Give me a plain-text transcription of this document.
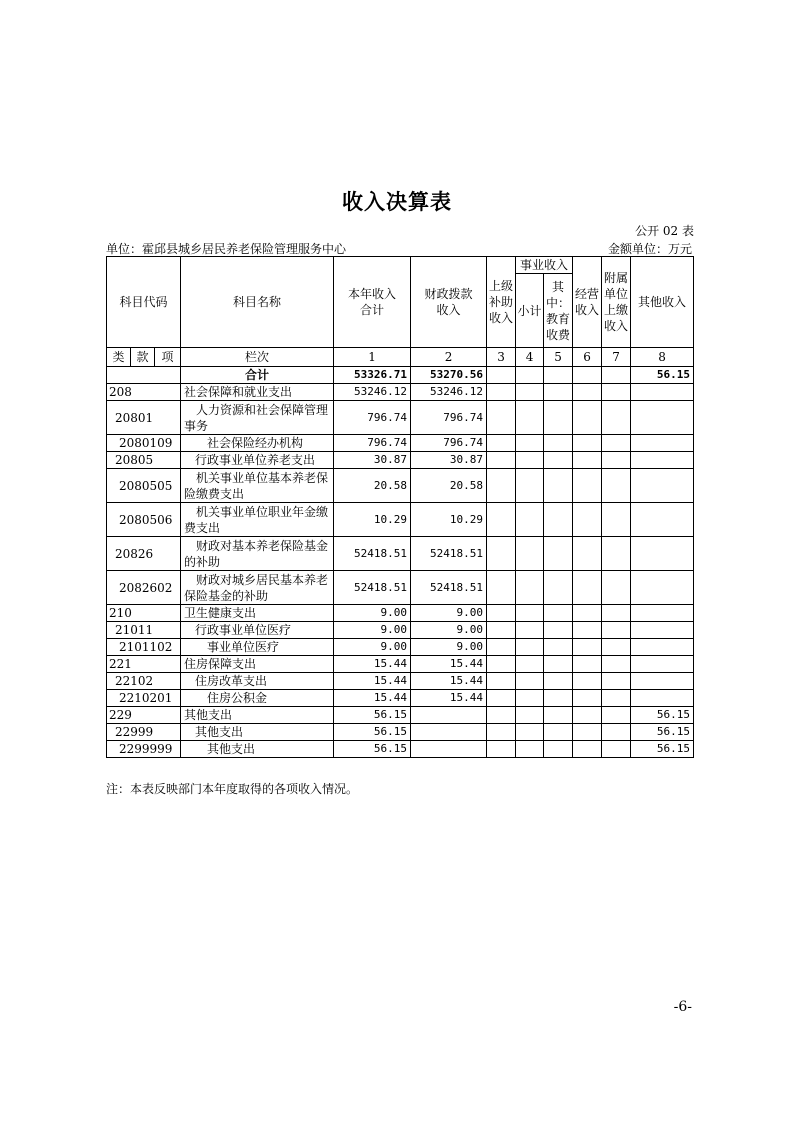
收入决算表
公开 02 表
单位：霍邱县城乡居民养老保险管理服务中心	金额单位：万元
科目代码			科目名称	本年收入合计	财政拨款收入	上级补助收入	事业收入		经营收入	附属单位上缴收入	其他收入
							小计	其中：教育收费			

类	款	项	栏次	1	2	3	4	5	6	7	8
			合计	53326.71	53270.56						56.15
208			社会保障和就业支出	53246.12	53246.12						
20801			人力资源和社会保障管理事务	796.74	796.74						
2080109			社会保险经办机构	796.74	796.74						
20805			行政事业单位养老支出	30.87	30.87						
2080505			机关事业单位基本养老保险缴费支出	20.58	20.58						
2080506			机关事业单位职业年金缴费支出	10.29	10.29						
20826			财政对基本养老保险基金的补助	52418.51	52418.51						
2082602			财政对城乡居民基本养老保险基金的补助	52418.51	52418.51						
210			卫生健康支出	9.00	9.00						
21011			行政事业单位医疗	9.00	9.00						
2101102			事业单位医疗	9.00	9.00						
221			住房保障支出	15.44	15.44						
22102			住房改革支出	15.44	15.44						
2210201			住房公积金	15.44	15.44						
229			其他支出	56.15							56.15
22999			其他支出	56.15							56.15
2299999			其他支出	56.15							56.15
注：本表反映部门本年度取得的各项收入情况。
-6-
